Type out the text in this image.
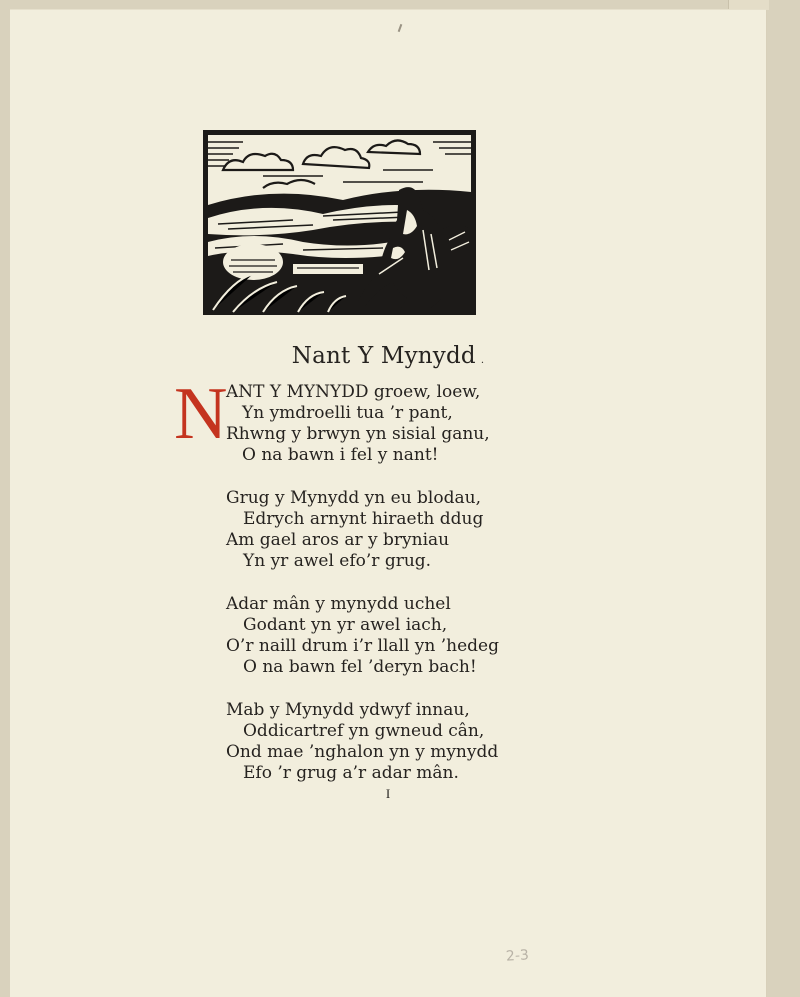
Nant Y Mynydd .
N ANT Y MYNYDD groew, loew,
Yn ymdroelli tua ’r pant,
Rhwng y brwyn yn sisial ganu,
O na bawn i fel y nant!
Grug y Mynydd yn eu blodau,
Edrych arnynt hiraeth ddug
Am gael aros ar y bryniau
Yn yr awel efo’r grug.
Adar mân y mynydd uchel
Godant yn yr awel iach,
O’r naill drum i’r llall yn ’hedeg
O na bawn fel ’deryn bach!
Mab y Mynydd ydwyf innau,
Oddicartref yn gwneud cân,
Ond mae ’nghalon yn y mynydd
Efo ’r grug a’r adar mân.
I
2-3
